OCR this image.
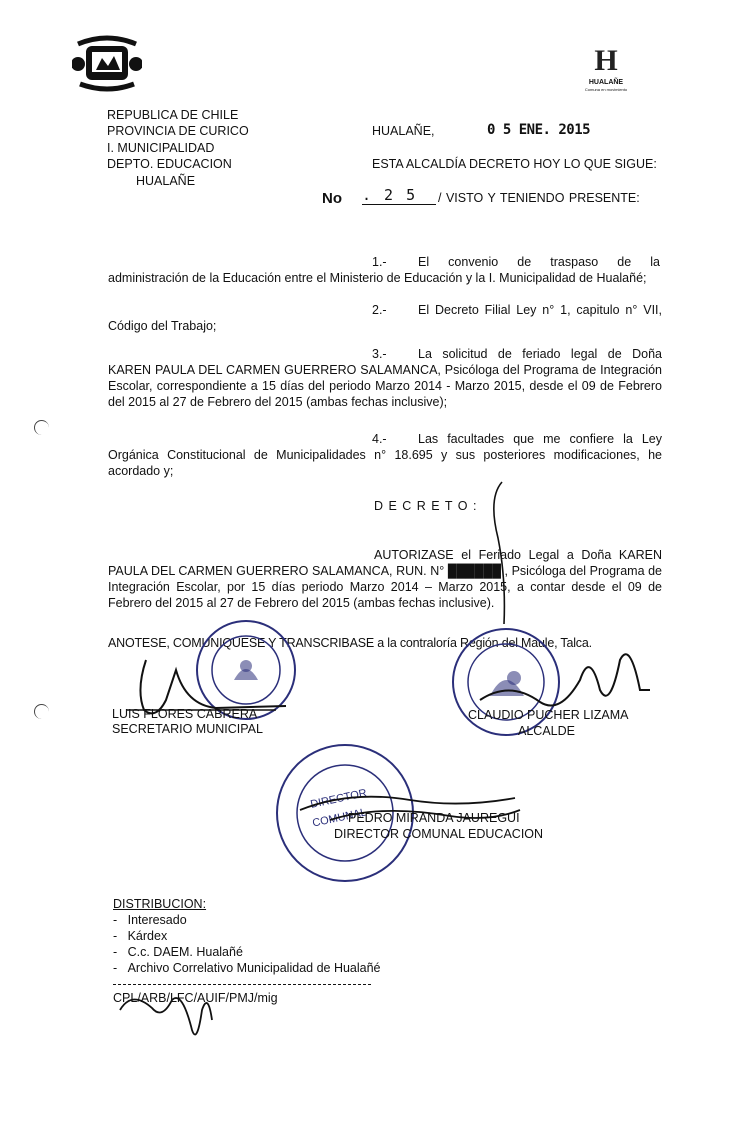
H
HUALAÑE
Comuna en movimiento
REPUBLICA DE CHILE
PROVINCIA DE CURICO
I. MUNICIPALIDAD
DEPTO. EDUCACION
HUALAÑE
HUALAÑE,	0 5 ENE. 2015
ESTA ALCALDÍA DECRETO HOY LO QUE SIGUE:
No . 2 5	/ VISTO Y TENIENDO PRESENTE:
1.-	El convenio de traspaso de la
administración de la Educación entre el Ministerio de Educación y la I. Municipalidad de Hualañé;
2.-	El Decreto Filial Ley n° 1, capitulo n° VII,
Código del Trabajo;
3.-	La solicitud de feriado legal de Doña
KAREN PAULA DEL CARMEN GUERRERO SALAMANCA, Psicóloga del Programa de Integración Escolar, correspondiente a 15 días del periodo Marzo 2014 - Marzo 2015, desde el 09 de Febrero del 2015 al 27 de Febrero del 2015 (ambas fechas inclusive);
4.-	Las facultades que me confiere la Ley
Orgánica Constitucional de Municipalidades n° 18.695 y sus posteriores modificaciones, he acordado y;
D E C R E T O :
AUTORIZASE el Feriado Legal a Doña KAREN
PAULA DEL CARMEN GUERRERO SALAMANCA, RUN. N° ██████ , Psicóloga del Programa de Integración Escolar, por 15 días periodo Marzo 2014 – Marzo 2015, a contar desde el 09 de Febrero del 2015 al 27 de Febrero del 2015 (ambas fechas inclusive).
ANOTESE, COMUNIQUESE Y TRANSCRIBASE a la contraloría Región del Maule, Talca.
DIRECTOR
COMUNAL
LUIS FLORES CABRERA
SECRETARIO MUNICIPAL
CLAUDIO PUCHER LIZAMA
ALCALDE
PEDRO MIRANDA JAUREGUI
DIRECTOR COMUNAL EDUCACION
DISTRIBUCION:
-   Interesado
-   Kárdex
-   C.c. DAEM. Hualañé
-   Archivo Correlativo Municipalidad de Hualañé
CPL/ARB/LFC/AUIF/PMJ/mig
